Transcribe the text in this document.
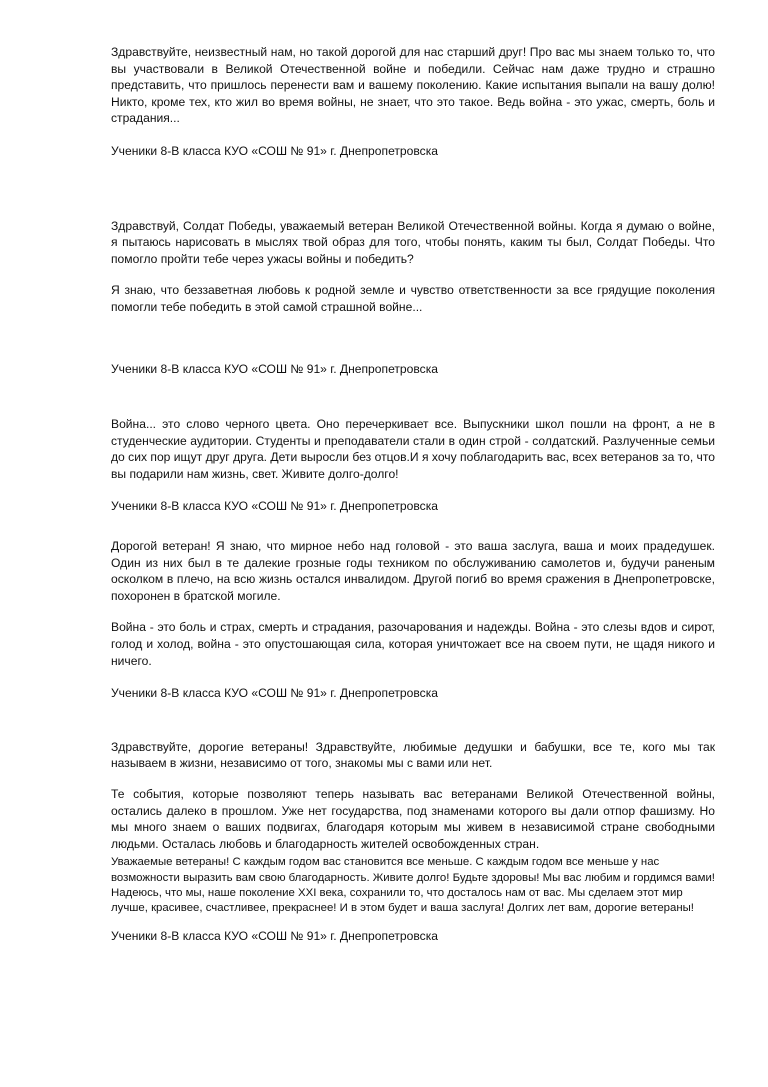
Здравствуйте, неизвестный нам, но такой дорогой для нас старший друг! Про вас мы знаем только то, что вы участвовали в Великой Отечественной войне и победили. Сейчас нам даже трудно и страшно представить, что пришлось перенести вам и вашему поколению. Какие испытания выпали на вашу долю! Никто, кроме тех, кто жил во время войны, не знает, что это такое. Ведь война - это ужас, смерть, боль и страдания...

Ученики 8-В класса КУО «СОШ № 91» г. Днепропетровска

Здравствуй, Солдат Победы, уважаемый ветеран Великой Отечественной войны. Когда я думаю о войне, я пытаюсь нарисовать в мыслях твой образ для того, чтобы понять, каким ты был, Солдат Победы. Что помогло пройти тебе через ужасы войны и победить?

Я знаю, что беззаветная любовь к родной земле и чувство ответственности за все грядущие поколения помогли тебе победить в этой самой страшной войне...

Ученики 8-В класса КУО «СОШ № 91» г. Днепропетровска

Война... это слово черного цвета. Оно перечеркивает все. Выпускники школ пошли на фронт, а не в студенческие аудитории. Студенты и преподаватели стали в один строй - солдатский. Разлученные семьи до сих пор ищут друг друга. Дети выросли без отцов.И я хочу поблагодарить вас, всех ветеранов за то, что вы подарили нам жизнь, свет. Живите долго-долго!

Ученики 8-В класса КУО «СОШ № 91» г. Днепропетровска

Дорогой ветеран! Я знаю, что мирное небо над головой - это ваша заслуга, ваша и моих прадедушек. Один из них был в те далекие грозные годы техником по обслуживанию самолетов и, будучи раненым осколком в плечо, на всю жизнь остался инвалидом. Другой погиб во время сражения в Днепропетровске, похоронен в братской могиле.

Война - это боль и страх, смерть и страдания, разочарования и надежды. Война - это слезы вдов и сирот, голод и холод, война - это опустошающая сила, которая уничтожает все на своем пути, не щадя никого и ничего.

Ученики 8-В класса КУО «СОШ № 91» г. Днепропетровска

Здравствуйте, дорогие ветераны! Здравствуйте, любимые дедушки и бабушки, все те, кого мы так называем в жизни, независимо от того, знакомы мы с вами или нет.

Те события, которые позволяют теперь называть вас ветеранами Великой Отечественной войны, остались далеко в прошлом. Уже нет государства, под знаменами которого вы дали отпор фашизму. Но мы много знаем о ваших подвигах, благодаря которым мы живем в независимой стране свободными людьми. Осталась любовь и благодарность жителей освобожденных стран.

Уважаемые ветераны! С каждым годом вас становится все меньше. С каждым годом все меньше у нас возможности выразить вам свою благодарность. Живите долго! Будьте здоровы! Мы вас любим и гордимся вами! Надеюсь, что мы, наше поколение XXI века, сохранили то, что досталось нам от вас. Мы сделаем этот мир лучше, красивее, счастливее, прекраснее! И в этом будет и ваша заслуга! Долгих лет вам, дорогие ветераны!

Ученики 8-В класса КУО «СОШ № 91» г. Днепропетровска
